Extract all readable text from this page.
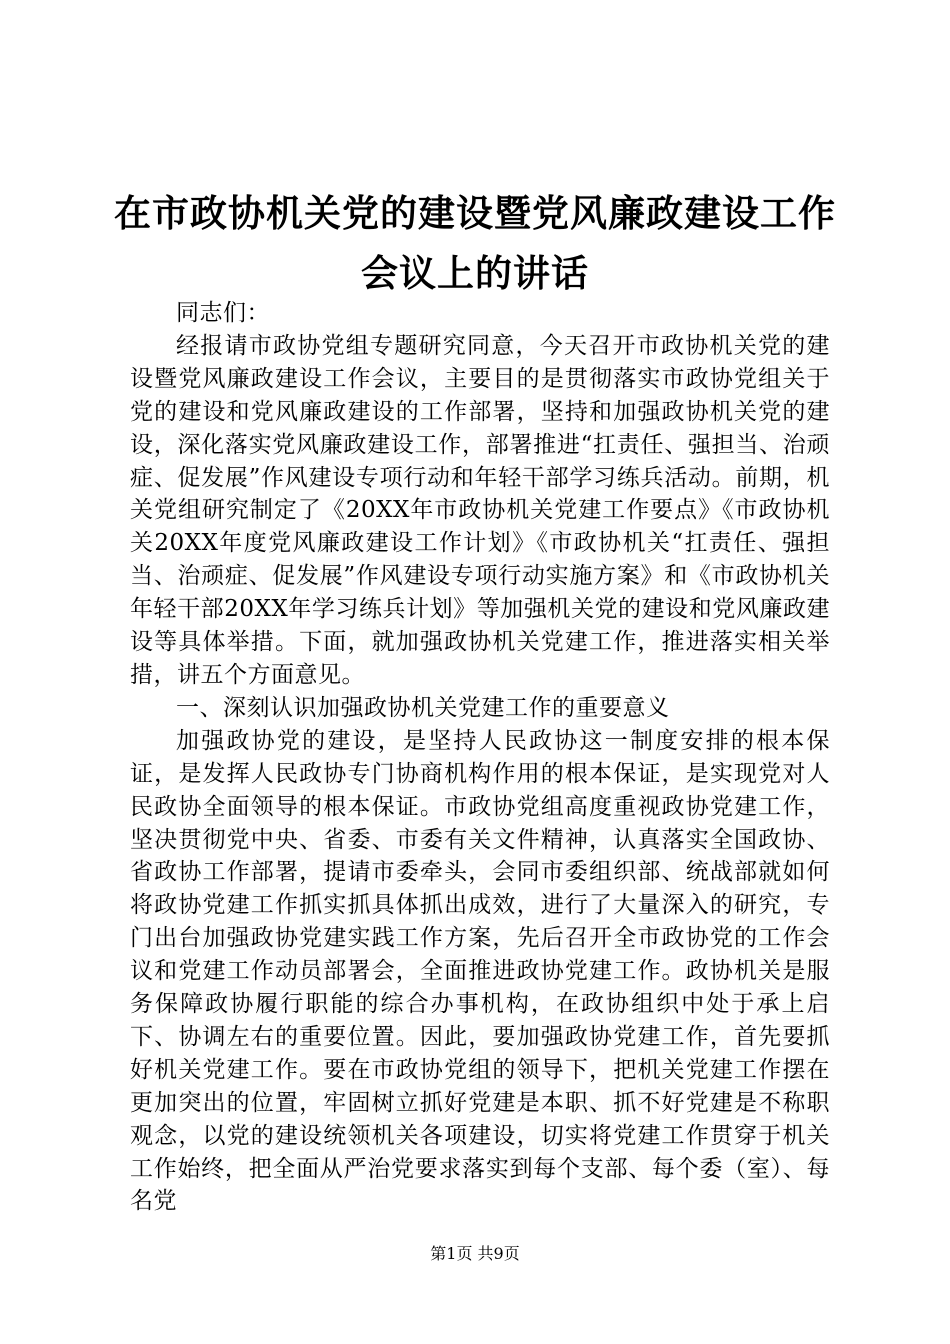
在市政协机关党的建设暨党风廉政建设工作会议上的讲话

同志们：

经报请市政协党组专题研究同意，今天召开市政协机关党的建设暨党风廉政建设工作会议，主要目的是贯彻落实市政协党组关于党的建设和党风廉政建设的工作部署，坚持和加强政协机关党的建设，深化落实党风廉政建设工作，部署推进“扛责任、强担当、治顽症、促发展”作风建设专项行动和年轻干部学习练兵活动。前期，机关党组研究制定了《20XX年市政协机关党建工作要点》《市政协机关20XX年度党风廉政建设工作计划》《市政协机关“扛责任、强担当、治顽症、促发展”作风建设专项行动实施方案》和《市政协机关年轻干部20XX年学习练兵计划》等加强机关党的建设和党风廉政建设等具体举措。下面，就加强政协机关党建工作，推进落实相关举措，讲五个方面意见。

一、深刻认识加强政协机关党建工作的重要意义

加强政协党的建设，是坚持人民政协这一制度安排的根本保证，是发挥人民政协专门协商机构作用的根本保证，是实现党对人民政协全面领导的根本保证。市政协党组高度重视政协党建工作，坚决贯彻党中央、省委、市委有关文件精神，认真落实全国政协、省政协工作部署，提请市委牵头，会同市委组织部、统战部就如何将政协党建工作抓实抓具体抓出成效，进行了大量深入的研究，专门出台加强政协党建实践工作方案，先后召开全市政协党的工作会议和党建工作动员部署会，全面推进政协党建工作。政协机关是服务保障政协履行职能的综合办事机构，在政协组织中处于承上启下、协调左右的重要位置。因此，要加强政协党建工作，首先要抓好机关党建工作。要在市政协党组的领导下，把机关党建工作摆在更加突出的位置，牢固树立抓好党建是本职、抓不好党建是不称职观念，以党的建设统领机关各项建设，切实将党建工作贯穿于机关工作始终，把全面从严治党要求落实到每个支部、每个委（室）、每名党

第1页 共9页
